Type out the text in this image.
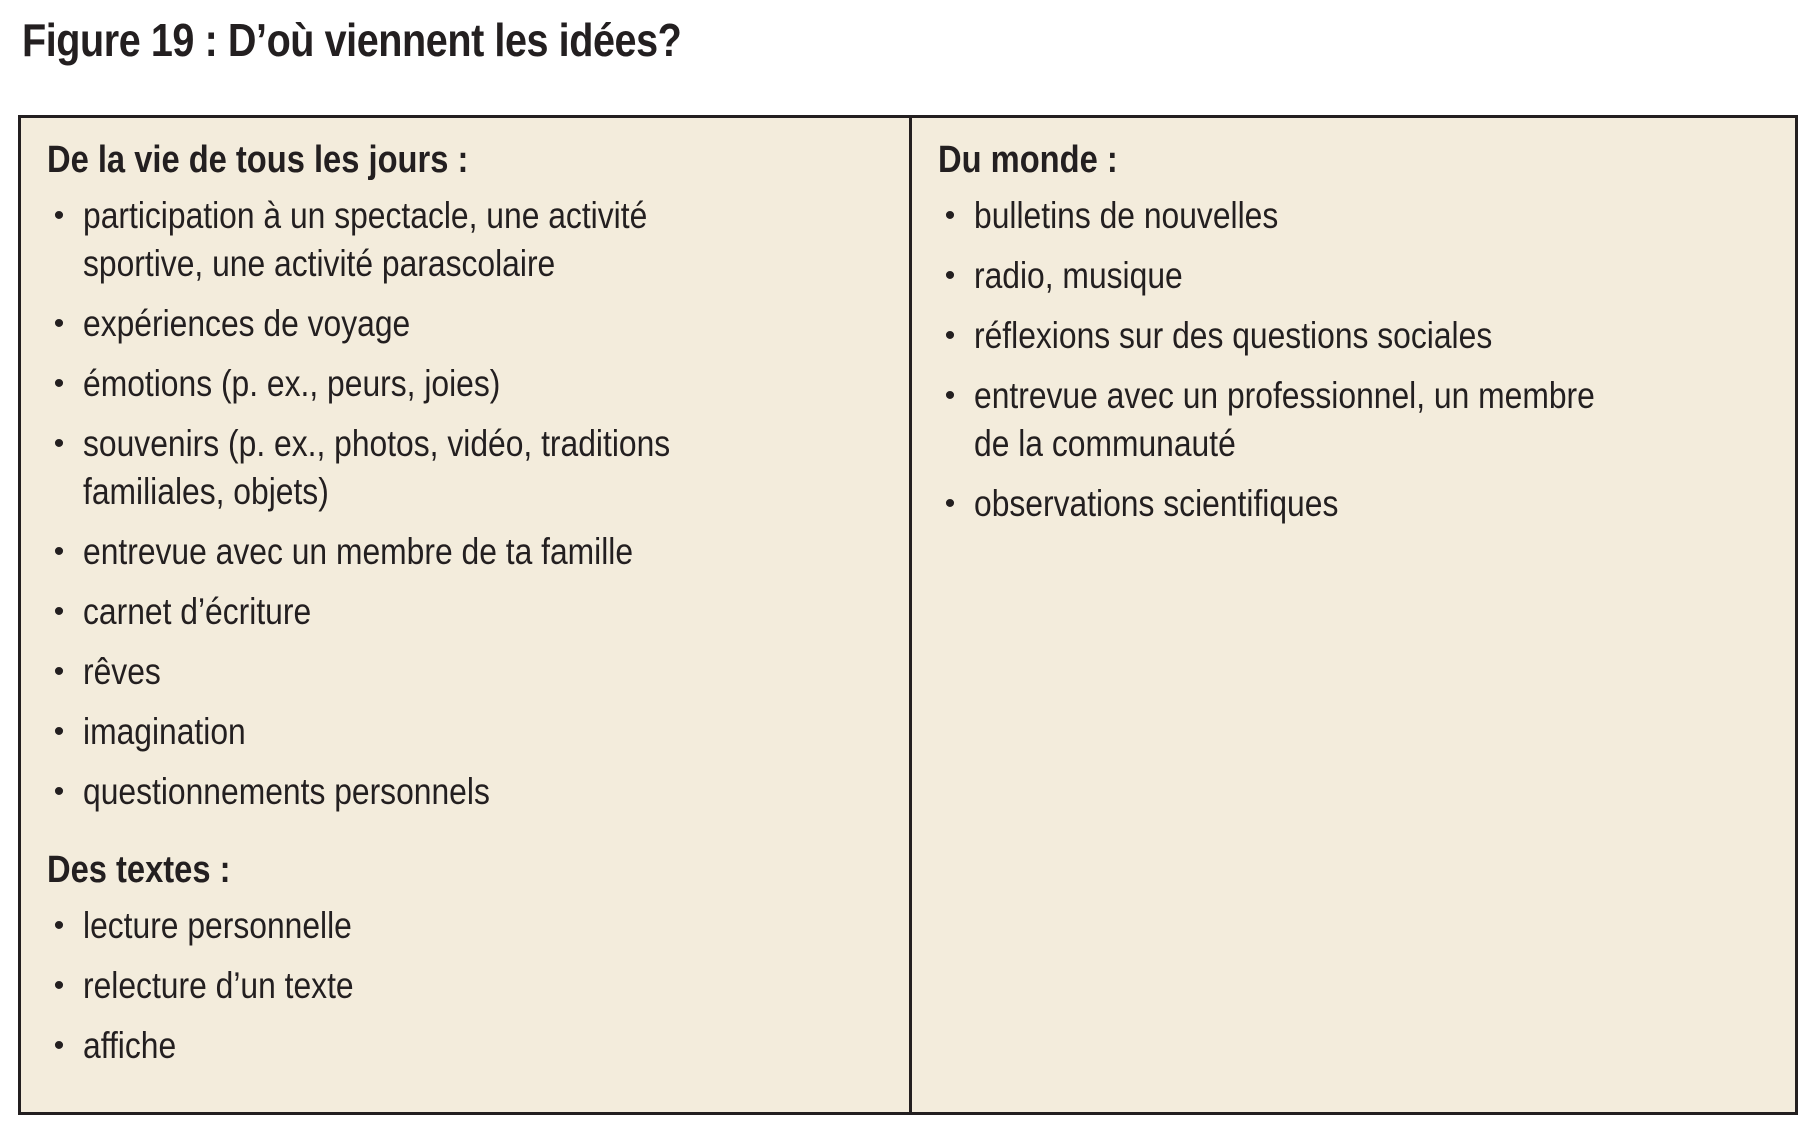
Figure 19 : D’où viennent les idées?
De la vie de tous les jours :
• participation à un spectacle, une activité
sportive, une activité parascolaire
• expériences de voyage
• émotions (p. ex., peurs, joies)
• souvenirs (p. ex., photos, vidéo, traditions
familiales, objets)
• entrevue avec un membre de ta famille
• carnet d’écriture
• rêves
• imagination
• questionnements personnels
Des textes :
• lecture personnelle
• relecture d’un texte
• affiche
Du monde :
• bulletins de nouvelles
• radio, musique
• réflexions sur des questions sociales
• entrevue avec un professionnel, un membre
de la communauté
• observations scientifiques
